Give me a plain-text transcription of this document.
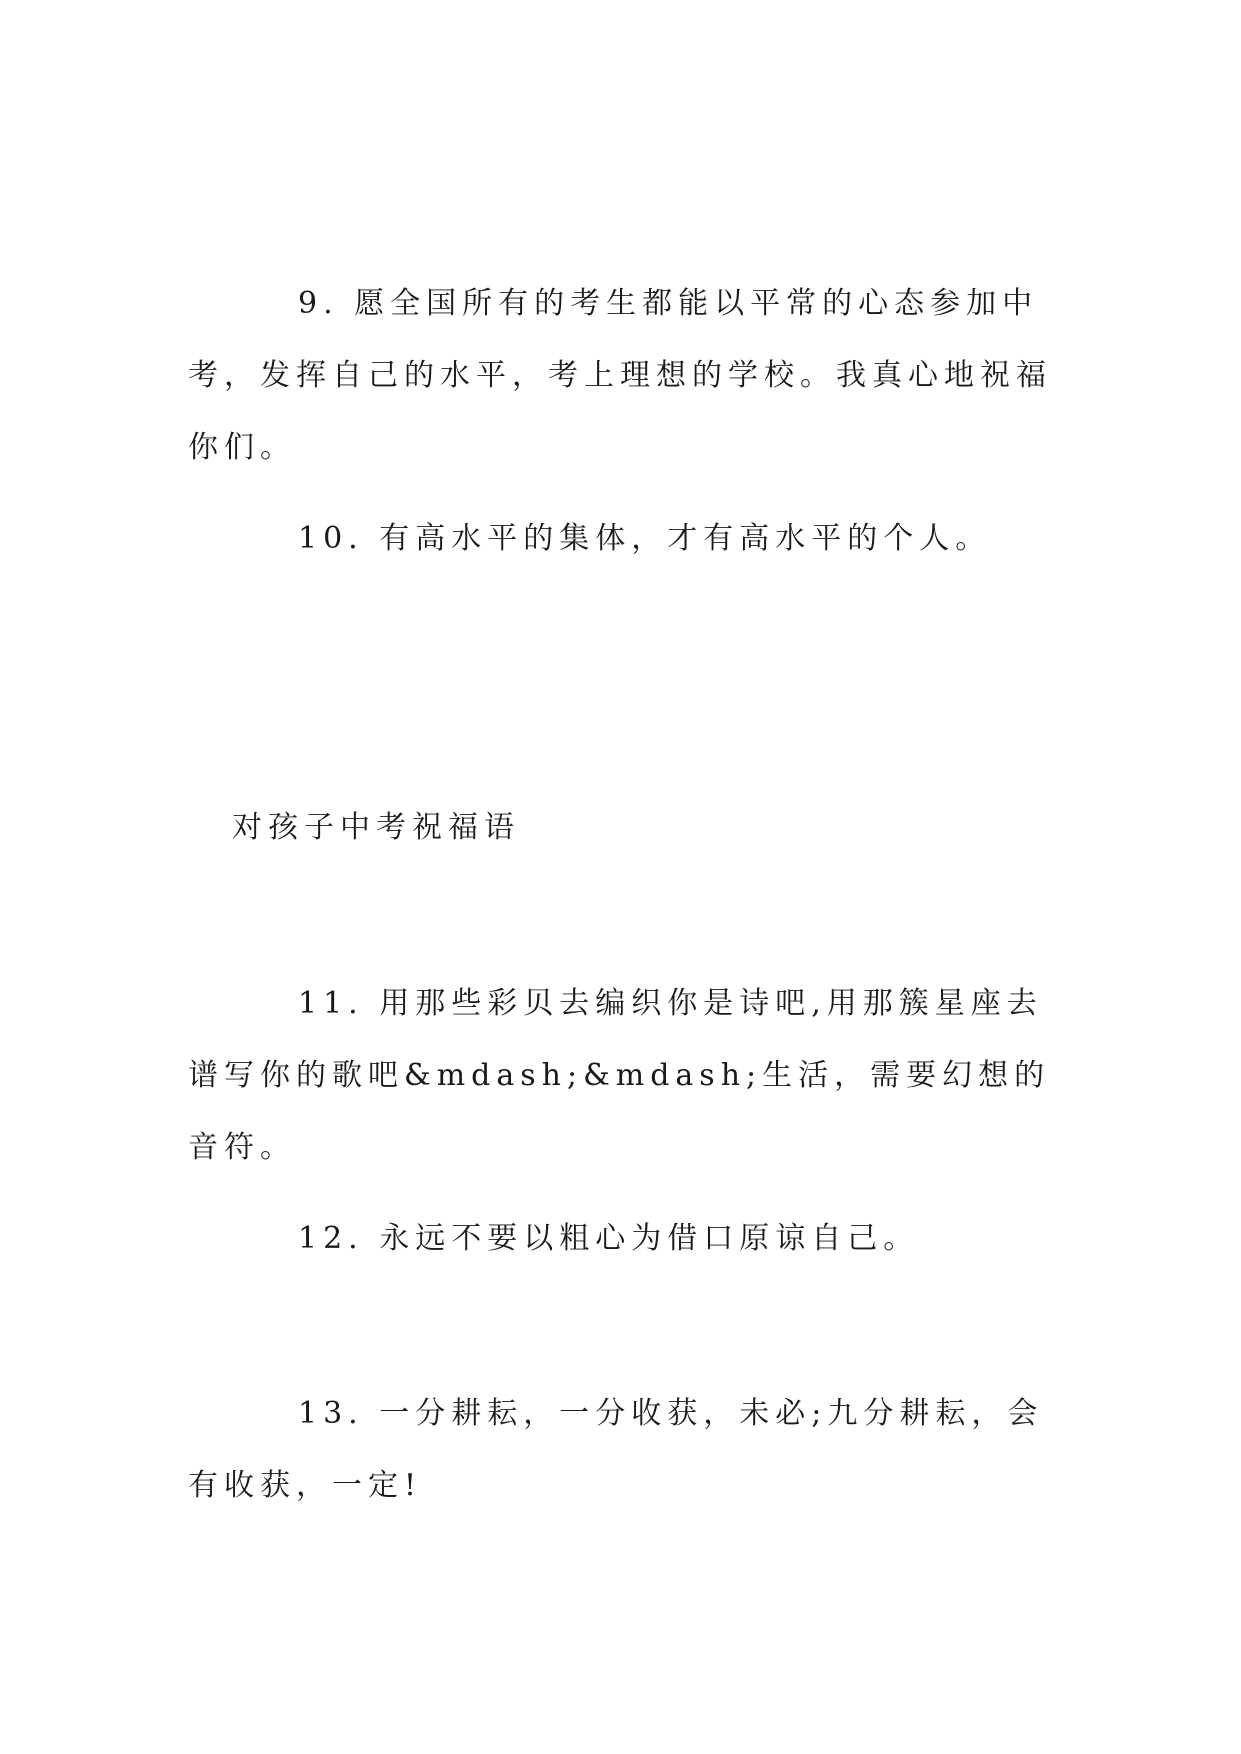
9. 愿全国所有的考生都能以平常的心态参加中考，发挥自己的水平，考上理想的学校。我真心地祝福你们。

10. 有高水平的集体，才有高水平的个人。

对孩子中考祝福语

11. 用那些彩贝去编织你是诗吧,用那簇星座去谱写你的歌吧&mdash;&mdash;生活，需要幻想的音符。

12. 永远不要以粗心为借口原谅自己。

13. 一分耕耘，一分收获，未必;九分耕耘，会有收获，一定!
